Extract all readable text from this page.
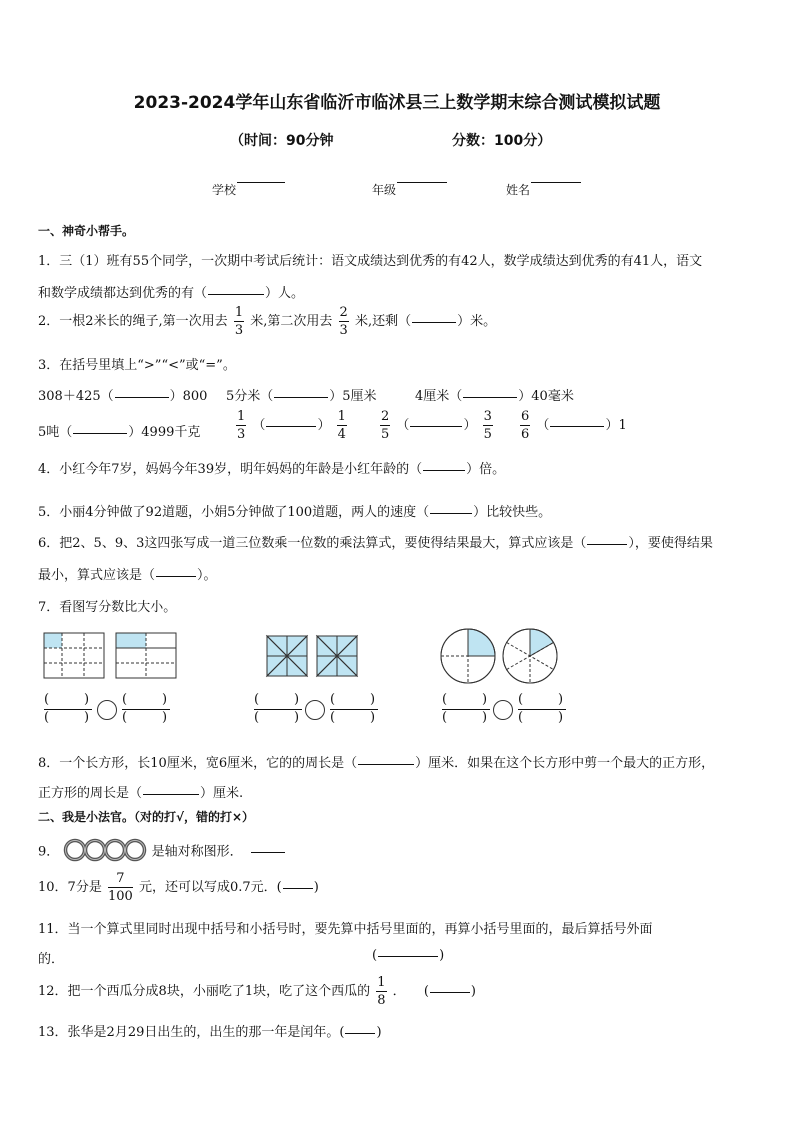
2023-2024学年山东省临沂市临沭县三上数学期末综合测试模拟试题
（时间：90分钟	分数：100分）
学校	年级	姓名
一、神奇小帮手。
1．三（1）班有55个同学，一次期中考试后统计：语文成绩达到优秀的有42人，数学成绩达到优秀的有41人，语文
和数学成绩都达到优秀的有（	）人。
2．一根2米长的绳子,第一次用去 $\frac{1}{3}$ 米,第二次用去 $\frac{2}{3}$ 米,还剩（	）米。
3．在括号里填上“>”“<”或“=”。
308＋425（	）800 5分米（	）5厘米	4厘米（	）40毫米
5吨（	）4999千克	$\frac{1}{3}$ （	） $\frac{1}{4}$	$\frac{2}{5}$ （	） $\frac{3}{5} \frac{6}{6}$ （	）1
4．小红今年7岁，妈妈今年39岁，明年妈妈的年龄是小红年龄的（	）倍。
5．小丽4分钟做了92道题，小娟5分钟做了100道题，两人的速度（	）比较快些。
6．把2、5、9、3这四张写成一道三位数乘一位数的乘法算式，要使得结果最大，算式应该是（	），要使得结果
最小，算式应该是（	）。
7．看图写分数比大小。
(	)
(	)
(	)
(	)
(	)
(	)
(	)
(	)
(	)
(	)
(	)
(	)
8．一个长方形，长10厘米，宽6厘米，它的的周长是（	）厘米．如果在这个长方形中剪一个最大的正方形，
正方形的周长是（	）厘米.
二、我是小法官。（对的打√，错的打×）
9．	是轴对称图形．
10．7分是 $\frac{7}{100}$ 元，还可以写成0.7元．( )
11．当一个算式里同时出现中括号和小括号时，要先算中括号里面的，再算小括号里面的，最后算括号外面
的．	(	)
12．把一个西瓜分成8块，小丽吃了1块，吃了这个西瓜的 $\frac{1}{8}$ ． (	)
13．张华是2月29日出生的，出生的那一年是闰年。( )
